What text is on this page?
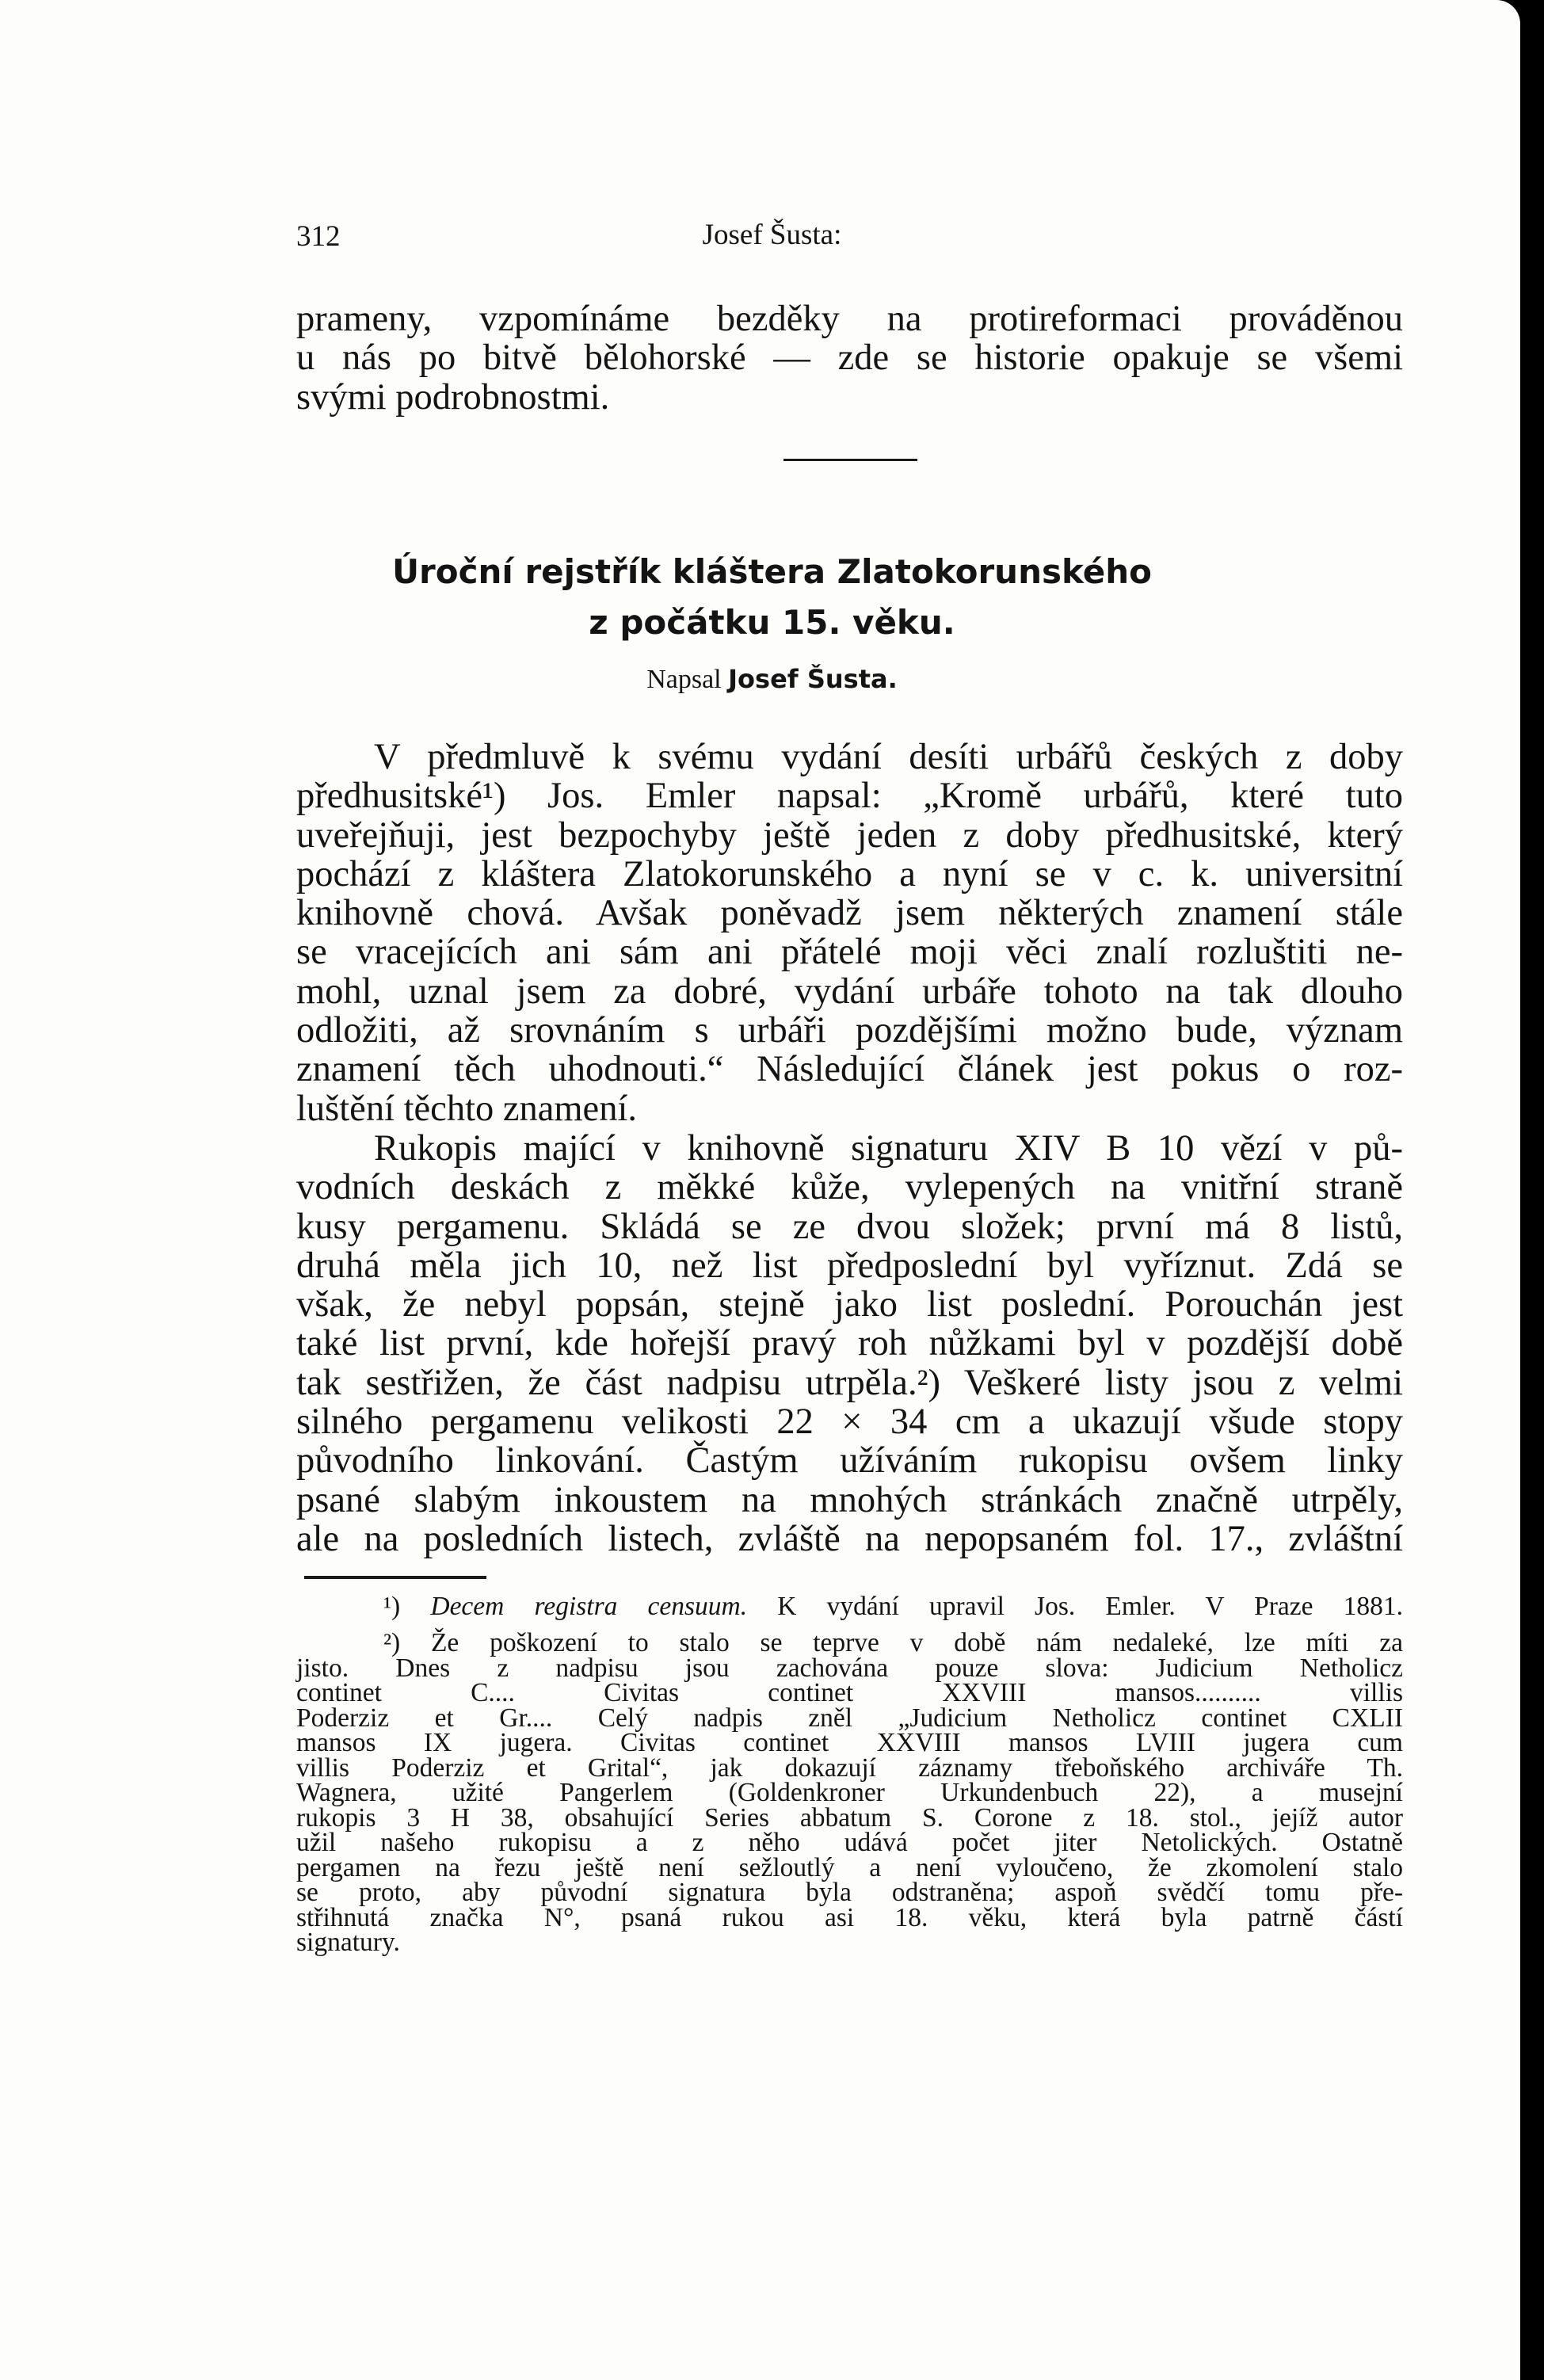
312	Josef Šusta:
prameny, vzpomínáme bezděky na protireformaci prováděnou
u nás po bitvě bělohorské — zde se historie opakuje se všemi
svými podrobnostmi.
Úroční rejstřík kláštera Zlatokorunského
z počátku 15. věku.
Napsal Josef Šusta.
V předmluvě k svému vydání desíti urbářů českých z doby
předhusitské¹) Jos. Emler napsal: „Kromě urbářů, které tuto
uveřejňuji, jest bezpochyby ještě jeden z doby předhusitské, který
pochází z kláštera Zlatokorunského a nyní se v c. k. universitní
knihovně chová. Avšak poněvadž jsem některých znamení stále
se vracejících ani sám ani přátelé moji věci znalí rozluštiti ne-
mohl, uznal jsem za dobré, vydání urbáře tohoto na tak dlouho
odložiti, až srovnáním s urbáři pozdějšími možno bude, význam
znamení těch uhodnouti.“ Následující článek jest pokus o roz-
luštění těchto znamení.
Rukopis mající v knihovně signaturu XIV B 10 vězí v pů-
vodních deskách z měkké kůže, vylepených na vnitřní straně
kusy pergamenu. Skládá se ze dvou složek; první má 8 listů,
druhá měla jich 10, než list předposlední byl vyříznut. Zdá se
však, že nebyl popsán, stejně jako list poslední. Porouchán jest
také list první, kde hořejší pravý roh nůžkami byl v pozdější době
tak sestřižen, že část nadpisu utrpěla.²) Veškeré listy jsou z velmi
silného pergamenu velikosti 22 × 34 cm a ukazují všude stopy
původního linkování. Častým užíváním rukopisu ovšem linky
psané slabým inkoustem na mnohých stránkách značně utrpěly,
ale na posledních listech, zvláště na nepopsaném fol. 17., zvláštní
¹) Decem registra censuum. K vydání upravil Jos. Emler. V Praze 1881.
²) Že poškození to stalo se teprve v době nám nedaleké, lze míti za
jisto. Dnes z nadpisu jsou zachována pouze slova: Judicium Netholicz
continet C.... Civitas continet XXVIII mansos.......... villis
Poderziz et Gr.... Celý nadpis zněl „Judicium Netholicz continet CXLII
mansos IX jugera. Civitas continet XXVIII mansos LVIII jugera cum
villis Poderziz et Grital“, jak dokazují záznamy třeboňského archiváře Th.
Wagnera, užité Pangerlem (Goldenkroner Urkundenbuch 22), a musejní
rukopis 3 H 38, obsahující Series abbatum S. Corone z 18. stol., jejíž autor
užil našeho rukopisu a z něho udává počet jiter Netolických. Ostatně
pergamen na řezu ještě není sežloutlý a není vyloučeno, že zkomolení stalo
se proto, aby původní signatura byla odstraněna; aspoň svědčí tomu pře-
střihnutá značka N°, psaná rukou asi 18. věku, která byla patrně částí
signatury.
